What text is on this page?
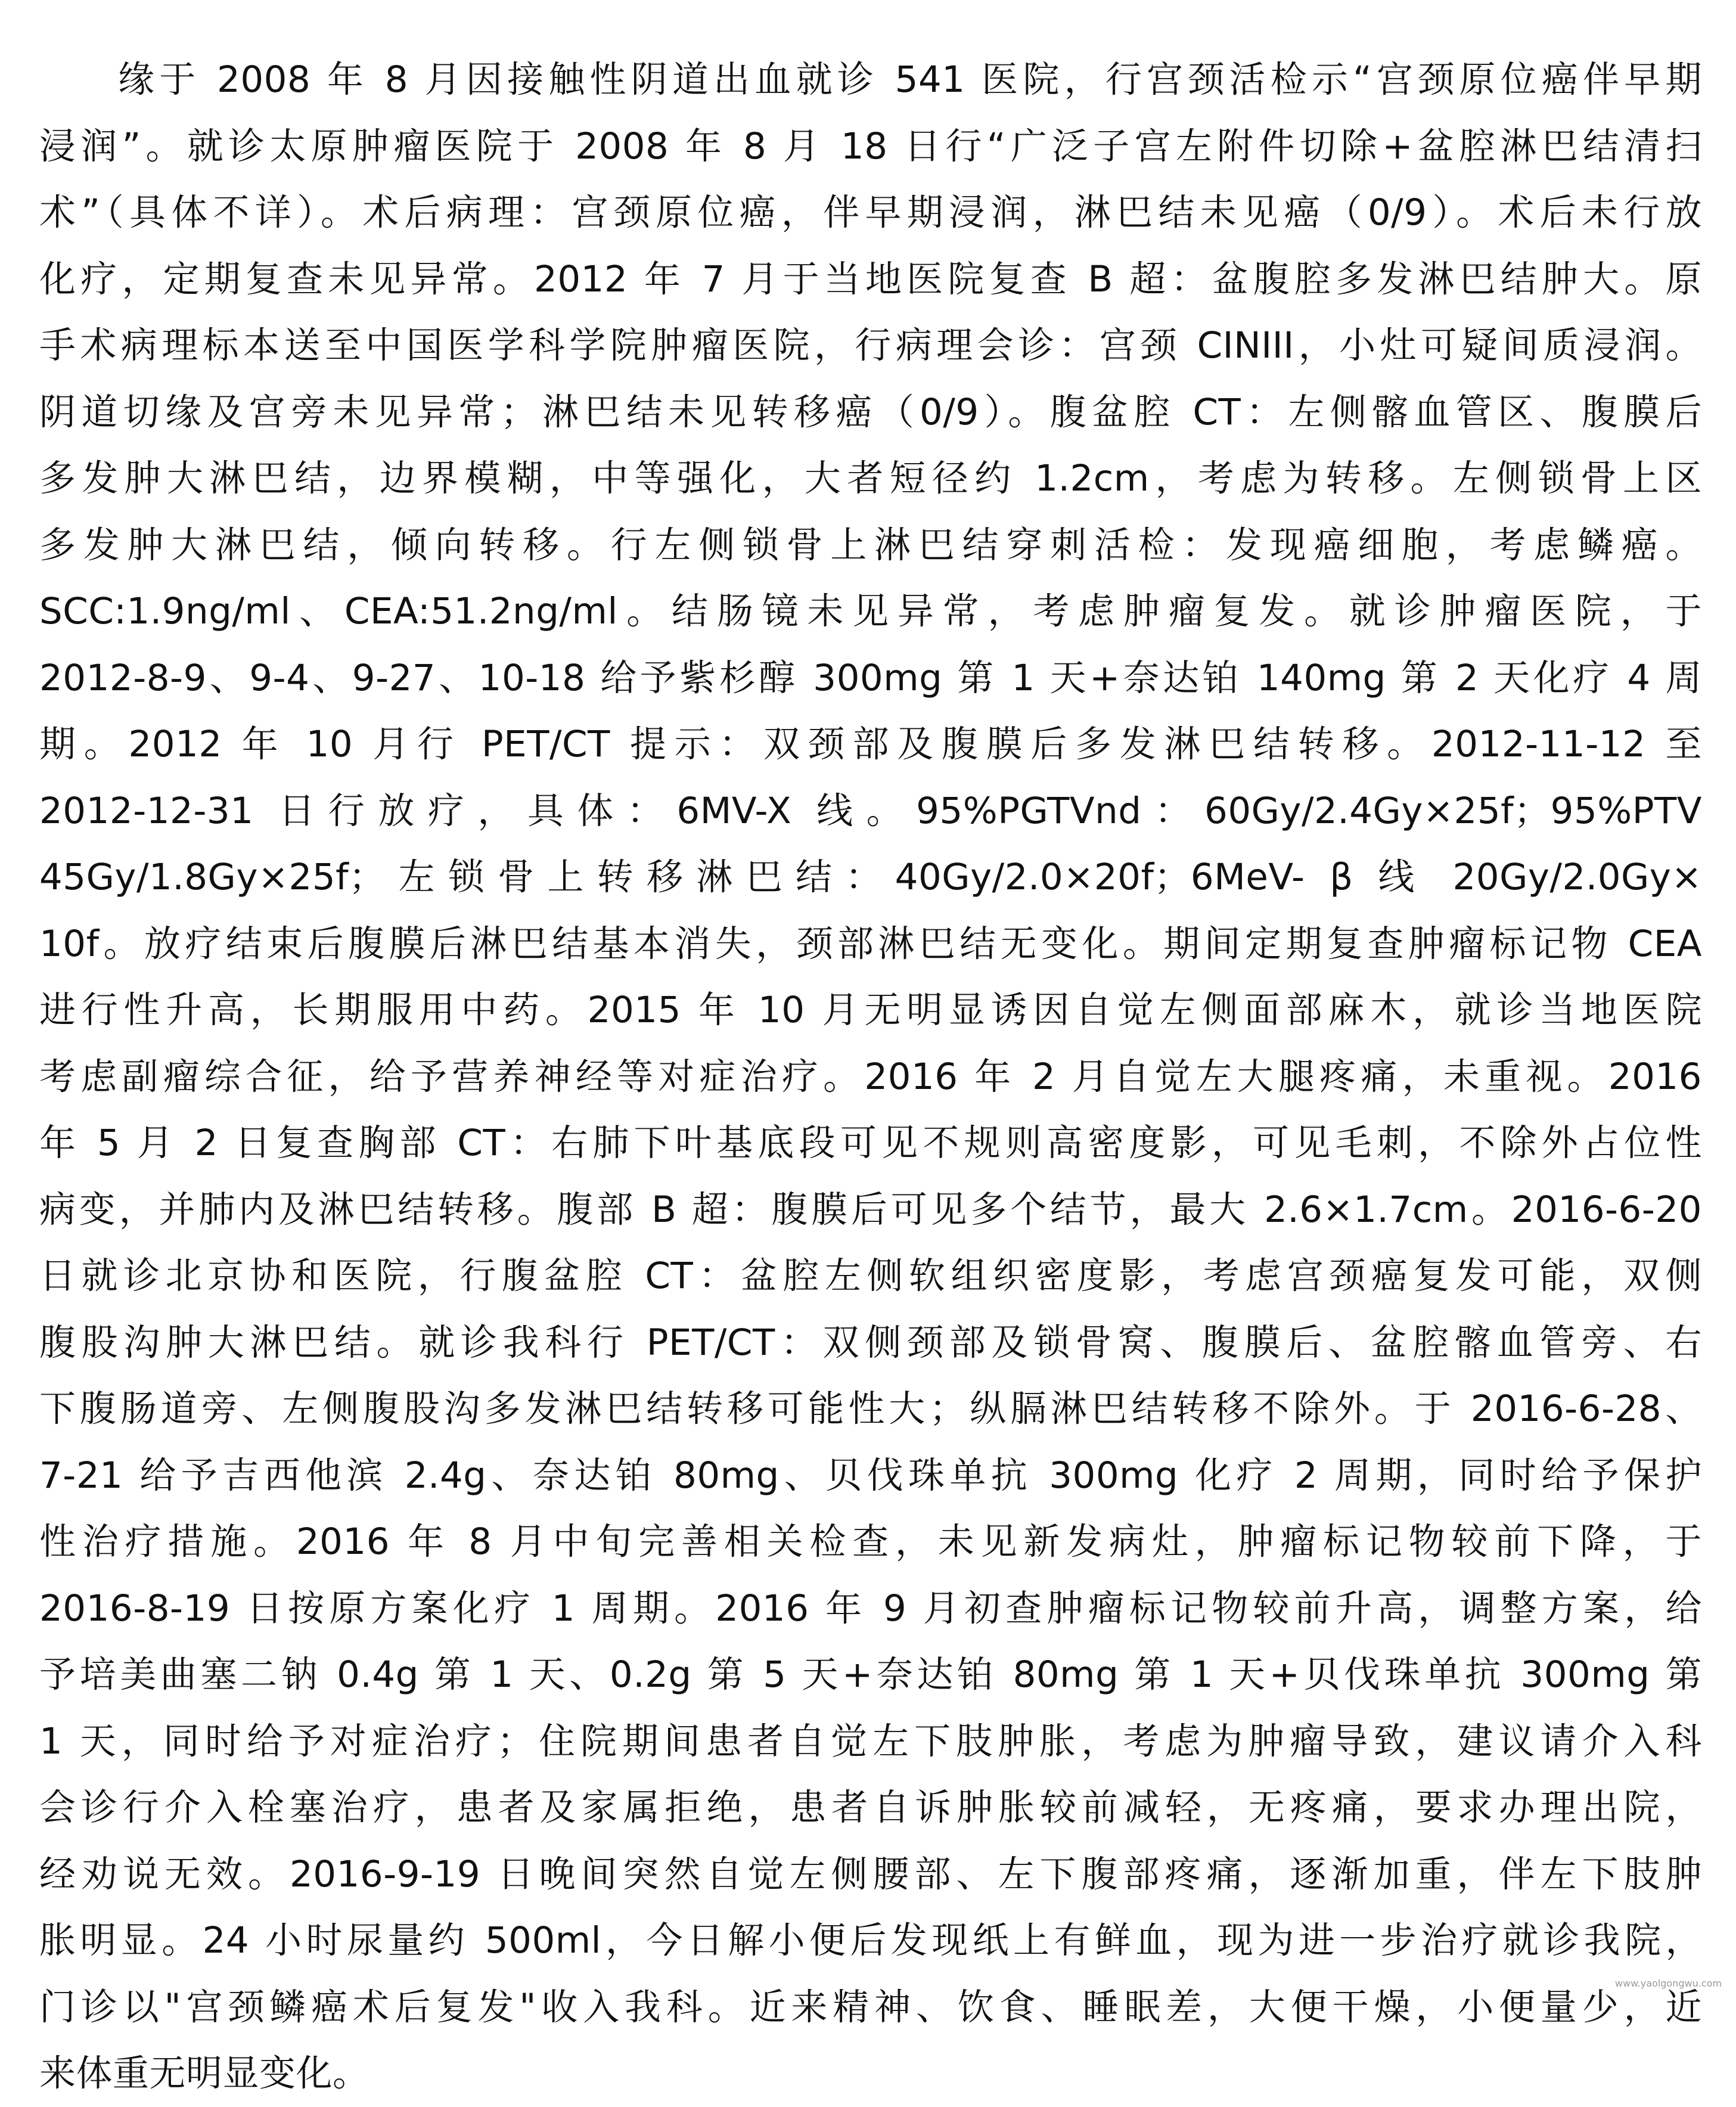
缘于 2008 年 8 月因接触性阴道出血就诊 541 医院，行宫颈活检示“宫颈原位癌伴早期
浸润”。就诊太原肿瘤医院于 2008 年 8 月 18 日行“广泛子宫左附件切除+盆腔淋巴结清扫
术”（具体不详）。术后病理：宫颈原位癌，伴早期浸润，淋巴结未见癌（0/9）。术后未行放
化疗，定期复查未见异常。2012 年 7 月于当地医院复查 B 超：盆腹腔多发淋巴结肿大。原
手术病理标本送至中国医学科学院肿瘤医院，行病理会诊：宫颈 CINIII，小灶可疑间质浸润。
阴道切缘及宫旁未见异常；淋巴结未见转移癌（0/9）。腹盆腔 CT：左侧髂血管区、腹膜后
多发肿大淋巴结，边界模糊，中等强化，大者短径约 1.2cm，考虑为转移。左侧锁骨上区
多发肿大淋巴结，倾向转移。行左侧锁骨上淋巴结穿刺活检：发现癌细胞，考虑鳞癌。
SCC:1.9ng/ml、CEA:51.2ng/ml。结肠镜未见异常，考虑肿瘤复发。就诊肿瘤医院，于
2012-8-9、9-4、9-27、10-18 给予紫杉醇 300mg 第 1 天+奈达铂 140mg 第 2 天化疗 4 周
期。2012 年 10 月行 PET/CT 提示：双颈部及腹膜后多发淋巴结转移。2012-11-12 至
2012-12-31 日行放疗，具体：6MV-X 线。95%PGTVnd：60Gy/2.4Gy×25f；95%PTV
45Gy/1.8Gy×25f；左锁骨上转移淋巴结：40Gy/2.0×20f；6MeV- β 线 20Gy/2.0Gy×
10f。放疗结束后腹膜后淋巴结基本消失，颈部淋巴结无变化。期间定期复查肿瘤标记物 CEA
进行性升高，长期服用中药。2015 年 10 月无明显诱因自觉左侧面部麻木，就诊当地医院
考虑副瘤综合征，给予营养神经等对症治疗。2016 年 2 月自觉左大腿疼痛，未重视。2016
年 5 月 2 日复查胸部 CT：右肺下叶基底段可见不规则高密度影，可见毛刺，不除外占位性
病变，并肺内及淋巴结转移。腹部 B 超：腹膜后可见多个结节，最大 2.6×1.7cm。2016-6-20
日就诊北京协和医院，行腹盆腔 CT：盆腔左侧软组织密度影，考虑宫颈癌复发可能，双侧
腹股沟肿大淋巴结。就诊我科行 PET/CT：双侧颈部及锁骨窝、腹膜后、盆腔髂血管旁、右
下腹肠道旁、左侧腹股沟多发淋巴结转移可能性大；纵膈淋巴结转移不除外。于 2016-6-28、
7-21 给予吉西他滨 2.4g、奈达铂 80mg、贝伐珠单抗 300mg 化疗 2 周期，同时给予保护
性治疗措施。2016 年 8 月中旬完善相关检查，未见新发病灶，肿瘤标记物较前下降，于
2016-8-19 日按原方案化疗 1 周期。2016 年 9 月初查肿瘤标记物较前升高，调整方案，给
予培美曲塞二钠 0.4g 第 1 天、0.2g 第 5 天+奈达铂 80mg 第 1 天+贝伐珠单抗 300mg 第
1 天，同时给予对症治疗；住院期间患者自觉左下肢肿胀，考虑为肿瘤导致，建议请介入科
会诊行介入栓塞治疗，患者及家属拒绝，患者自诉肿胀较前减轻，无疼痛，要求办理出院，
经劝说无效。2016-9-19 日晚间突然自觉左侧腰部、左下腹部疼痛，逐渐加重，伴左下肢肿
胀明显。24 小时尿量约 500ml，今日解小便后发现纸上有鲜血，现为进一步治疗就诊我院，
门诊以"宫颈鳞癌术后复发"收入我科。近来精神、饮食、睡眠差，大便干燥，小便量少，近
来体重无明显变化。
www.yaolgongwu.com
